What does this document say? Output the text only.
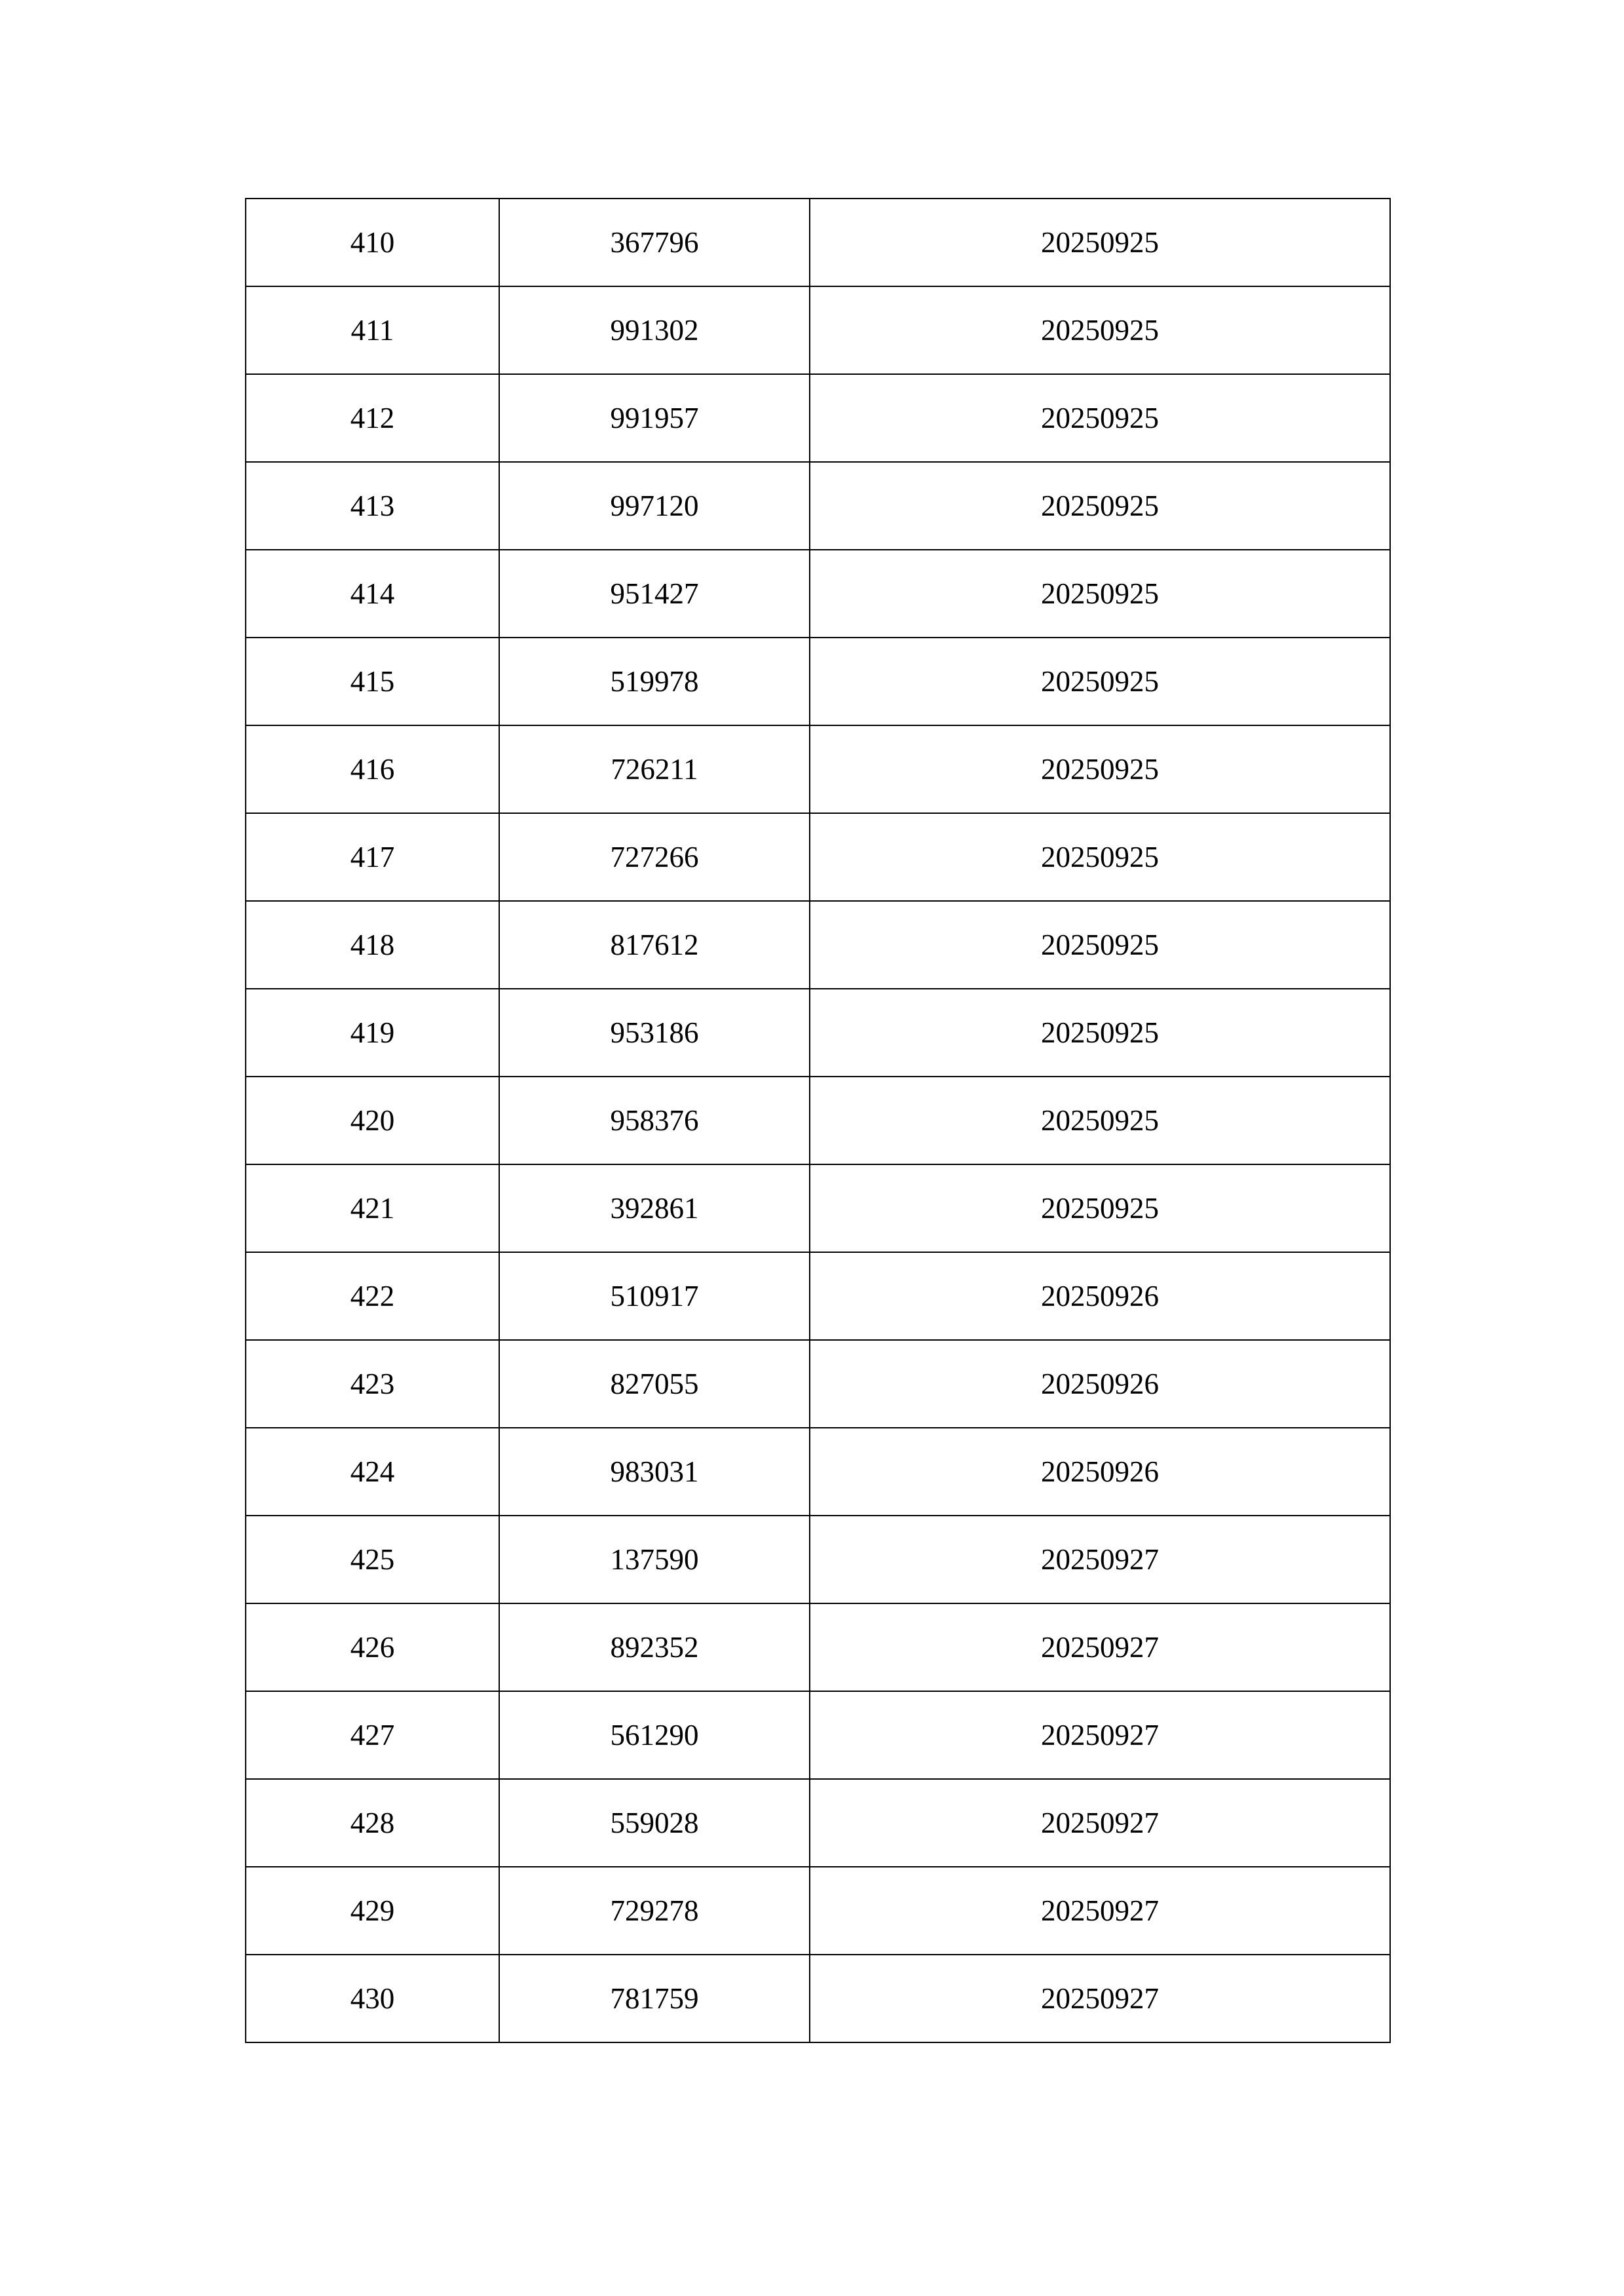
410	367796	20250925
411	991302	20250925
412	991957	20250925
413	997120	20250925
414	951427	20250925
415	519978	20250925
416	726211	20250925
417	727266	20250925
418	817612	20250925
419	953186	20250925
420	958376	20250925
421	392861	20250925
422	510917	20250926
423	827055	20250926
424	983031	20250926
425	137590	20250927
426	892352	20250927
427	561290	20250927
428	559028	20250927
429	729278	20250927
430	781759	20250927
